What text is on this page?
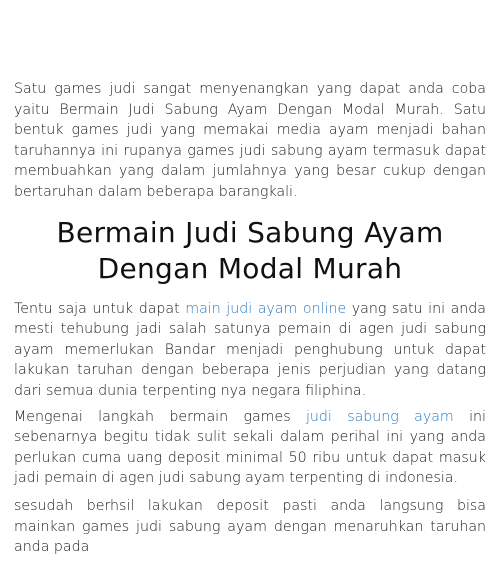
Satu games judi sangat menyenangkan yang dapat anda coba yaitu Bermain Judi Sabung Ayam Dengan Modal Murah. Satu bentuk games judi yang memakai media ayam menjadi bahan taruhannya ini rupanya games judi sabung ayam termasuk dapat membuahkan yang dalam jumlahnya yang besar cukup dengan bertaruhan dalam beberapa barangkali.

Bermain Judi Sabung Ayam Dengan Modal Murah

Tentu saja untuk dapat main judi ayam online yang satu ini anda mesti tehubung jadi salah satunya pemain di agen judi sabung ayam memerlukan Bandar menjadi penghubung untuk dapat lakukan taruhan dengan beberapa jenis perjudian yang datang dari semua dunia terpenting nya negara filiphina.

Mengenai langkah bermain games judi sabung ayam ini sebenarnya begitu tidak sulit sekali dalam perihal ini yang anda perlukan cuma uang deposit minimal 50 ribu untuk dapat masuk jadi pemain di agen judi sabung ayam terpenting di indonesia.

sesudah berhsil lakukan deposit pasti anda langsung bisa mainkan games judi sabung ayam dengan menaruhkan taruhan anda pada
